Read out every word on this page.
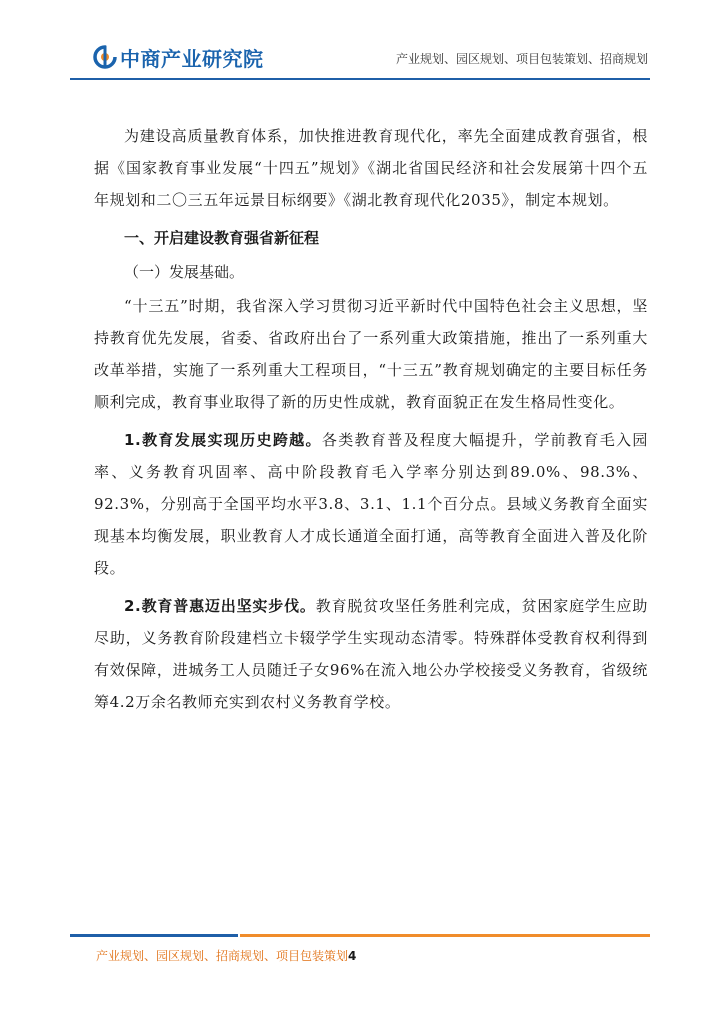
中商产业研究院	产业规划、园区规划、项目包装策划、招商规划

为建设高质量教育体系，加快推进教育现代化，率先全面建成教育强省，根据《国家教育事业发展“十四五”规划》《湖北省国民经济和社会发展第十四个五年规划和二〇三五年远景目标纲要》《湖北教育现代化2035》，制定本规划。

一、开启建设教育强省新征程

（一）发展基础。

“十三五”时期，我省深入学习贯彻习近平新时代中国特色社会主义思想，坚持教育优先发展，省委、省政府出台了一系列重大政策措施，推出了一系列重大改革举措，实施了一系列重大工程项目，“十三五”教育规划确定的主要目标任务顺利完成，教育事业取得了新的历史性成就，教育面貌正在发生格局性变化。

1.教育发展实现历史跨越。各类教育普及程度大幅提升，学前教育毛入园率、义务教育巩固率、高中阶段教育毛入学率分别达到89.0%、98.3%、92.3%，分别高于全国平均水平3.8、3.1、1.1个百分点。县域义务教育全面实现基本均衡发展，职业教育人才成长通道全面打通，高等教育全面进入普及化阶段。

2.教育普惠迈出坚实步伐。教育脱贫攻坚任务胜利完成，贫困家庭学生应助尽助，义务教育阶段建档立卡辍学学生实现动态清零。特殊群体受教育权利得到有效保障，进城务工人员随迁子女96%在流入地公办学校接受义务教育，省级统筹4.2万余名教师充实到农村义务教育学校。

产业规划、园区规划、招商规划、项目包装策划4
